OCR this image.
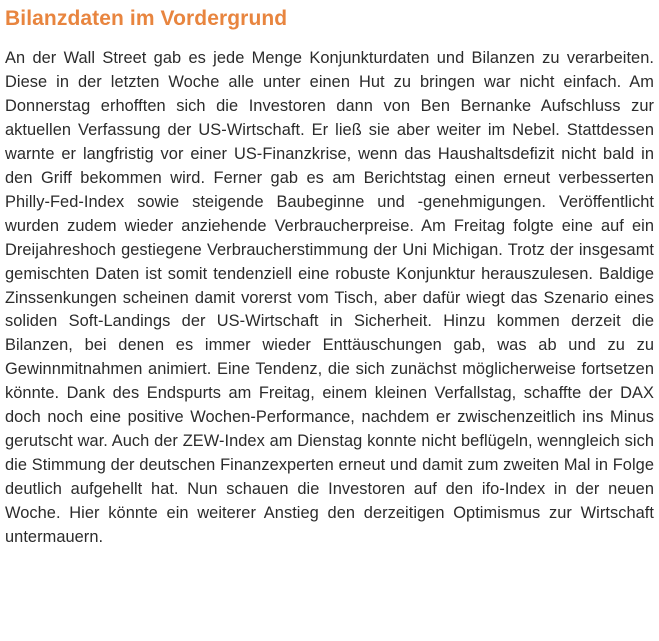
Bilanzdaten im Vordergrund

An der Wall Street gab es jede Menge Konjunkturdaten und Bilanzen zu verarbeiten. Diese in der letzten Woche alle unter einen Hut zu bringen war nicht einfach. Am Donnerstag erhofften sich die Investoren dann von Ben Bernanke Aufschluss zur aktuellen Verfassung der US-Wirtschaft. Er ließ sie aber weiter im Nebel. Stattdessen warnte er langfristig vor einer US-Finanzkrise, wenn das Haushaltsdefizit nicht bald in den Griff bekommen wird. Ferner gab es am Berichtstag einen erneut verbesserten Philly-Fed-Index sowie steigende Baubeginne und -genehmigungen. Veröffentlicht wurden zudem wieder anziehende Verbraucherpreise. Am Freitag folgte eine auf ein Dreijahreshoch gestiegene Verbraucherstimmung der Uni Michigan. Trotz der insgesamt gemischten Daten ist somit tendenziell eine robuste Konjunktur herauszulesen. Baldige Zinssenkungen scheinen damit vorerst vom Tisch, aber dafür wiegt das Szenario eines soliden Soft-Landings der US-Wirtschaft in Sicherheit. Hinzu kommen derzeit die Bilanzen, bei denen es immer wieder Enttäuschungen gab, was ab und zu zu Gewinnmitnahmen animiert. Eine Tendenz, die sich zunächst möglicherweise fortsetzen könnte. Dank des Endspurts am Freitag, einem kleinen Verfallstag, schaffte der DAX doch noch eine positive Wochen-Performance, nachdem er zwischenzeitlich ins Minus gerutscht war. Auch der ZEW-Index am Dienstag konnte nicht beflügeln, wenngleich sich die Stimmung der deutschen Finanzexperten erneut und damit zum zweiten Mal in Folge deutlich aufgehellt hat. Nun schauen die Investoren auf den ifo-Index in der neuen Woche. Hier könnte ein weiterer Anstieg den derzeitigen Optimismus zur Wirtschaft untermauern.
